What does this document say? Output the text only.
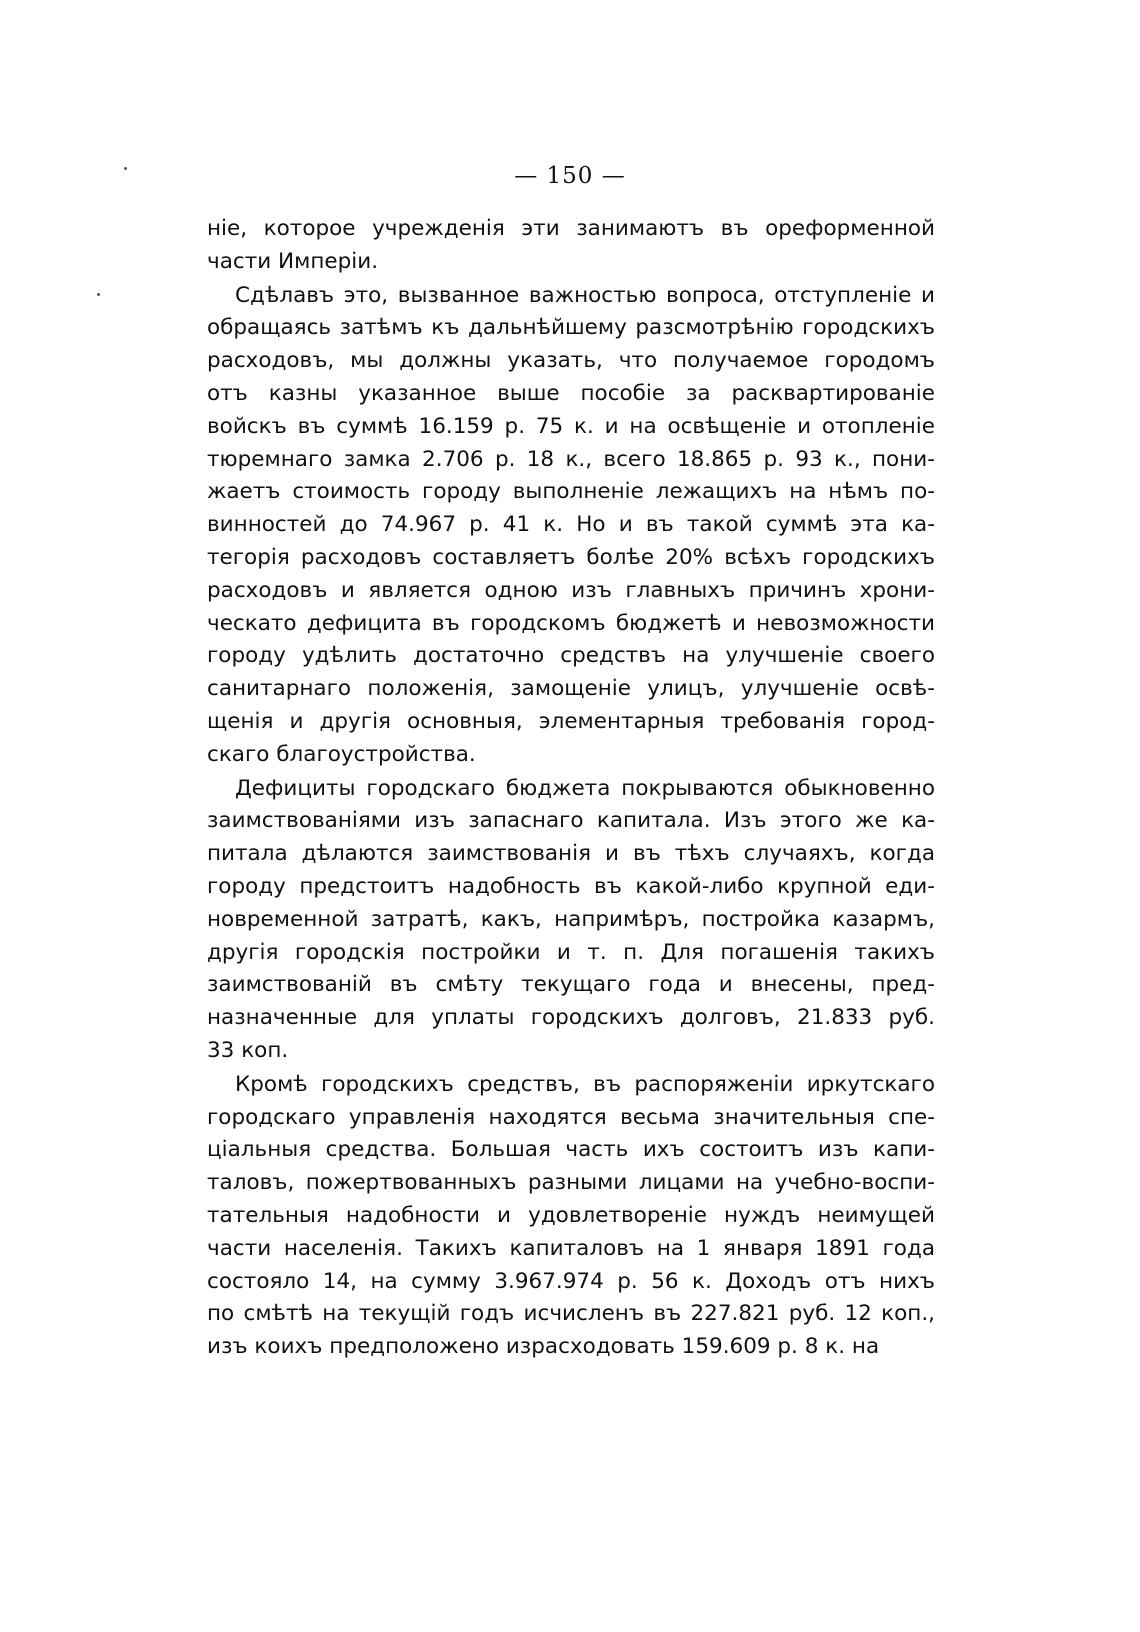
— 150 —
ніе, которое учрежденія эти занимаютъ въ ореформенной
части Имперіи.
Сдѣлавъ это, вызванное важностью вопроса, отступленіе и
обращаясь затѣмъ къ дальнѣйшему разсмотрѣнію городскихъ
расходовъ, мы должны указать, что получаемое городомъ
отъ казны указанное выше пособіе за расквартированіе
войскъ въ суммѣ 16.159 р. 75 к. и на освѣщеніе и отопленіе
тюремнаго замка 2.706 р. 18 к., всего 18.865 р. 93 к., пони-
жаетъ стоимость городу выполненіе лежащихъ на нѣмъ по-
винностей до 74.967 р. 41 к. Но и въ такой суммѣ эта ка-
тегорія расходовъ составляетъ болѣе 20% всѣхъ городскихъ
расходовъ и является одною изъ главныхъ причинъ хрони-
ческато дефицита въ городскомъ бюджетѣ и невозможности
городу удѣлить достаточно средствъ на улучшеніе своего
санитарнаго положенія, замощеніе улицъ, улучшеніе освѣ-
щенія и другія основныя, элементарныя требованія город-
скаго благоустройства.
Дефициты городскаго бюджета покрываются обыкновенно
заимствованіями изъ запаснаго капитала. Изъ этого же ка-
питала дѣлаются заимствованія и въ тѣхъ случаяхъ, когда
городу предстоитъ надобность въ какой-либо крупной еди-
новременной затратѣ, какъ, напримѣръ, постройка казармъ,
другія городскія постройки и т. п. Для погашенія такихъ
заимствованій въ смѣту текущаго года и внесены, пред-
назначенные для уплаты городскихъ долговъ, 21.833 руб.
33 коп.
Кромѣ городскихъ средствъ, въ распоряженіи иркутскаго
городскаго управленія находятся весьма значительныя спе-
ціальныя средства. Большая часть ихъ состоитъ изъ капи-
таловъ, пожертвованныхъ разными лицами на учебно-воспи-
тательныя надобности и удовлетвореніе нуждъ неимущей
части населенія. Такихъ капиталовъ на 1 января 1891 года
состояло 14, на сумму 3.967.974 р. 56 к. Доходъ отъ нихъ
по смѣтѣ на текущій годъ исчисленъ въ 227.821 руб. 12 коп.,
изъ коихъ предположено израсходовать 159.609 р. 8 к. на
